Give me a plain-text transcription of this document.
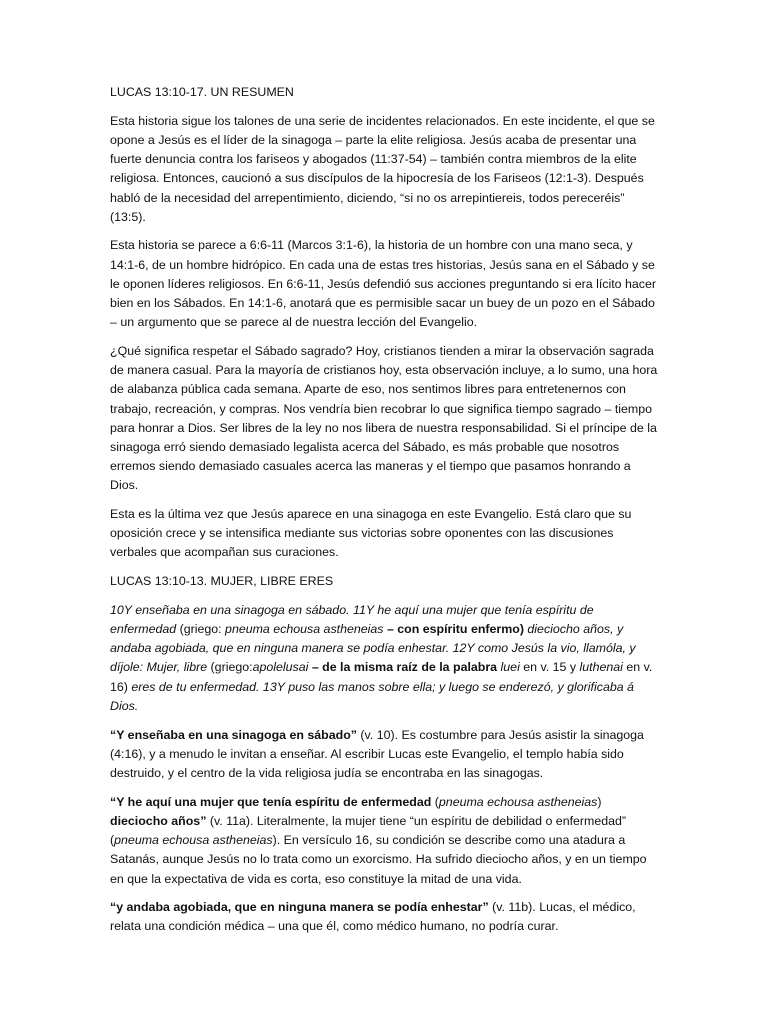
LUCAS 13:10-17. UN RESUMEN

Esta historia sigue los talones de una serie de incidentes relacionados. En este incidente, el que se opone a Jesús es el líder de la sinagoga – parte la elite religiosa. Jesús acaba de presentar una fuerte denuncia contra los fariseos y abogados (11:37-54) – también contra miembros de la elite religiosa. Entonces, caucionó a sus discípulos de la hipocresía de los Fariseos (12:1-3). Después habló de la necesidad del arrepentimiento, diciendo, “si no os arrepintiereis, todos pereceréis” (13:5).

Esta historia se parece a 6:6-11 (Marcos 3:1-6), la historia de un hombre con una mano seca, y 14:1-6, de un hombre hidrópico. En cada una de estas tres historias, Jesús sana en el Sábado y se le oponen líderes religiosos. En 6:6-11, Jesús defendió sus acciones preguntando si era lícito hacer bien en los Sábados. En 14:1-6, anotará que es permisible sacar un buey de un pozo en el Sábado – un argumento que se parece al de nuestra lección del Evangelio.

¿Qué significa respetar el Sábado sagrado? Hoy, cristianos tienden a mirar la observación sagrada de manera casual. Para la mayoría de cristianos hoy, esta observación incluye, a lo sumo, una hora de alabanza pública cada semana. Aparte de eso, nos sentimos libres para entretenernos con trabajo, recreación, y compras. Nos vendría bien recobrar lo que significa tiempo sagrado – tiempo para honrar a Dios. Ser libres de la ley no nos libera de nuestra responsabilidad. Si el príncipe de la sinagoga erró siendo demasiado legalista acerca del Sábado, es más probable que nosotros erremos siendo demasiado casuales acerca las maneras y el tiempo que pasamos honrando a Dios.

Esta es la última vez que Jesús aparece en una sinagoga en este Evangelio. Está claro que su oposición crece y se intensifica mediante sus victorias sobre oponentes con las discusiones verbales que acompañan sus curaciones.

LUCAS 13:10-13. MUJER, LIBRE ERES

10Y enseñaba en una sinagoga en sábado. 11Y he aquí una mujer que tenía espíritu de enfermedad (griego: pneuma echousa astheneias – con espíritu enfermo) dieciocho años, y andaba agobiada, que en ninguna manera se podía enhestar. 12Y como Jesús la vio, llamóla, y díjole: Mujer, libre (griego:apolelusai – de la misma raíz de la palabra luei en v. 15 y luthenai en v. 16) eres de tu enfermedad. 13Y puso las manos sobre ella; y luego se enderezó, y glorificaba á Dios.

“Y enseñaba en una sinagoga en sábado” (v. 10). Es costumbre para Jesús asistir la sinagoga (4:16), y a menudo le invitan a enseñar. Al escribir Lucas este Evangelio, el templo había sido destruido, y el centro de la vida religiosa judía se encontraba en las sinagogas.

“Y he aquí una mujer que tenía espíritu de enfermedad (pneuma echousa astheneias) dieciocho años” (v. 11a). Literalmente, la mujer tiene “un espíritu de debilidad o enfermedad” (pneuma echousa astheneias). En versículo 16, su condición se describe como una atadura a Satanás, aunque Jesús no lo trata como un exorcismo. Ha sufrido dieciocho años, y en un tiempo en que la expectativa de vida es corta, eso constituye la mitad de una vida.

“y andaba agobiada, que en ninguna manera se podía enhestar” (v. 11b). Lucas, el médico, relata una condición médica – una que él, como médico humano, no podría curar.
